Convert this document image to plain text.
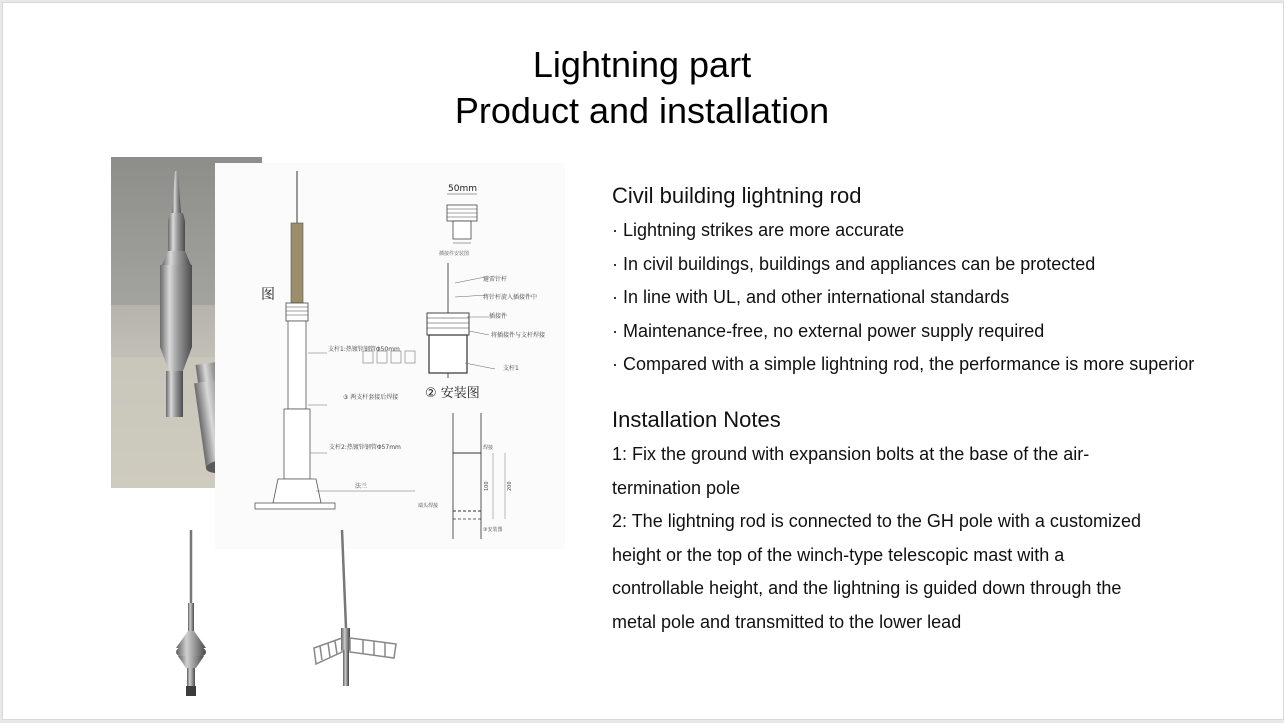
Lightning part
Product and installation
支杆1:热镀锌钢管Φ50mm
③ 两支杆套接后焊接
支杆2:热镀锌钢管Φ57mm
法兰
图
50mm
插接件安装图
避雷针杆
将针杆旋入插接件中
插接件
将插接件与支杆焊接
支杆1
② 安装图
焊接
100	200
端头焊接
③安装图
Civil building lightning rod
· Lightning strikes are more accurate
· In civil buildings, buildings and appliances can be protected
· In line with UL, and other international standards
· Maintenance-free, no external power supply required
· Compared with a simple lightning rod, the performance is more superior
Installation Notes
1: Fix the ground with expansion bolts at the base of the air-
termination pole
2: The lightning rod is connected to the GH pole with a customized
height or the top of the winch-type telescopic mast with a
controllable height, and the lightning is guided down through the
metal pole and transmitted to the lower lead
